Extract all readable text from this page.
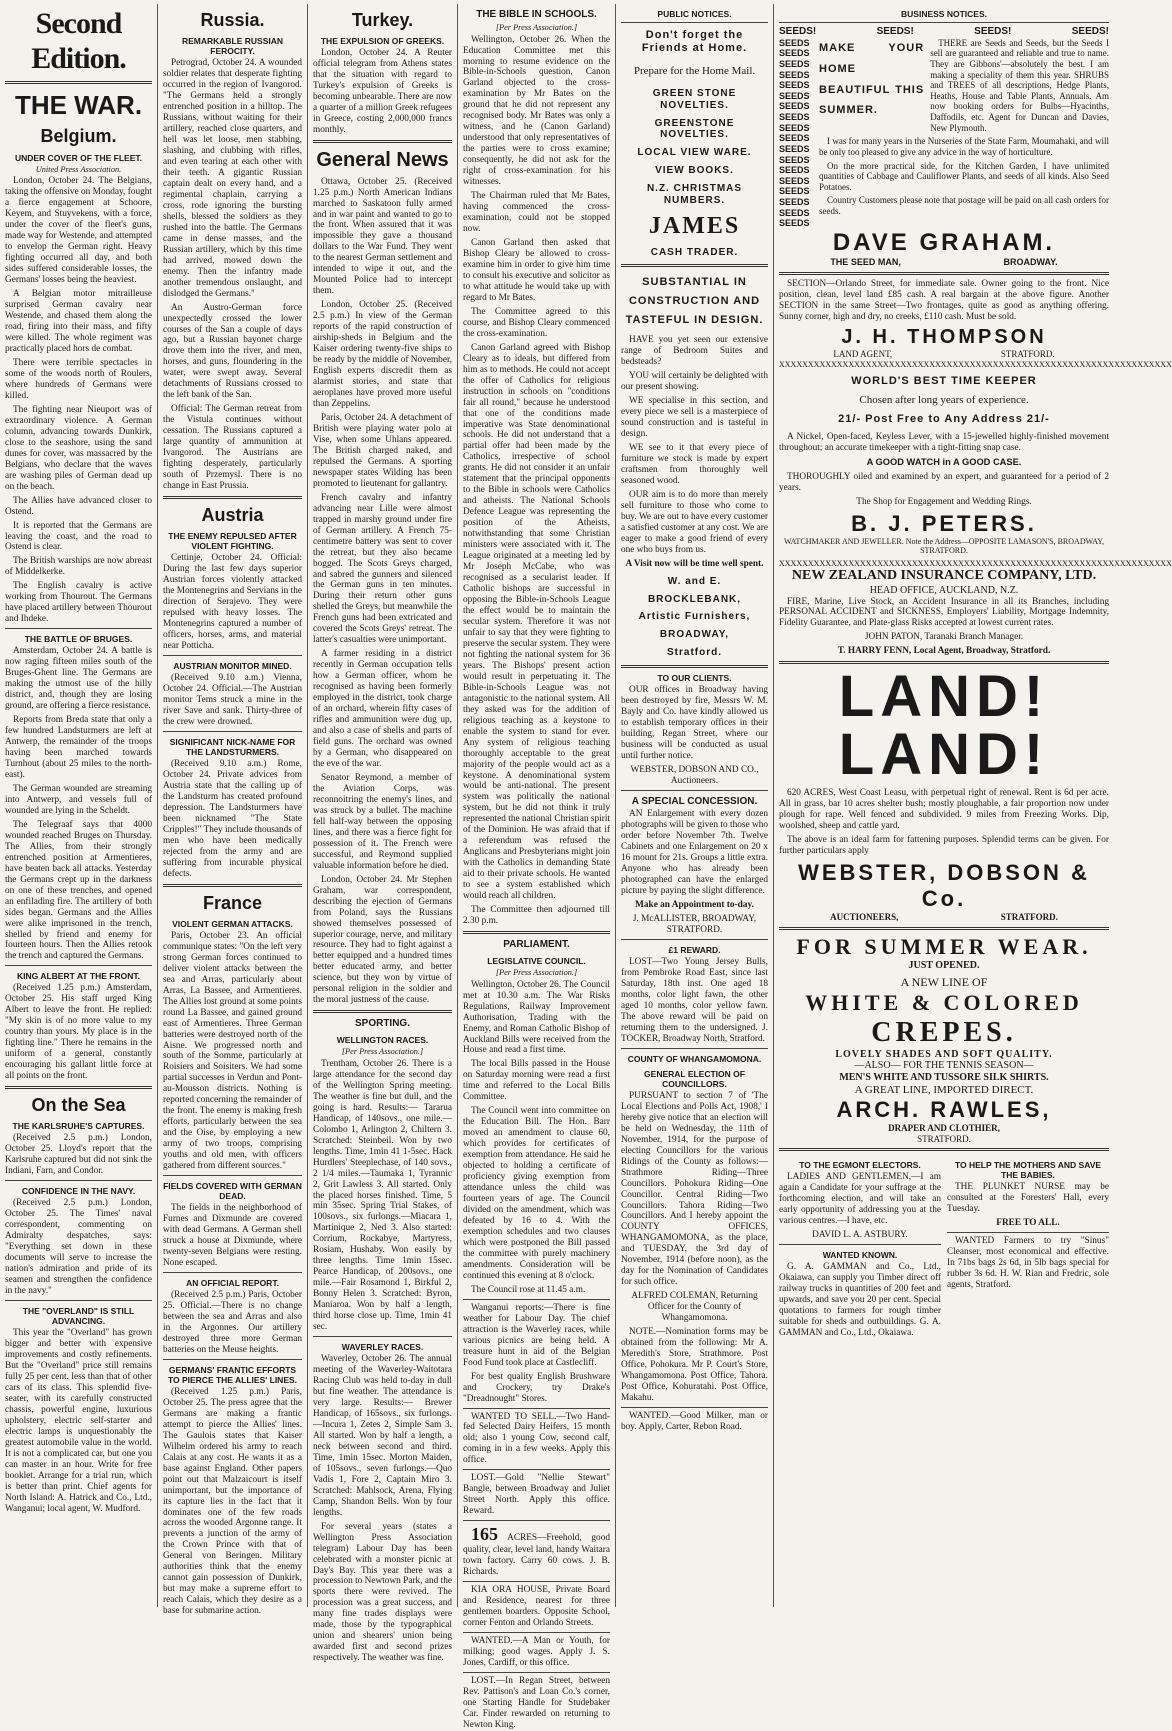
Second Edition.
THE WAR.
Belgium.
UNDER COVER OF THE FLEET.
United Press Association.

London, October 24. The Belgians, taking the offensive on Monday, fought a fierce engagement at Schoore, Keyem, and Stuyvekens, with a force, under the cover of the fleet's guns, made way for Westende, and attempted to envelop the German right. Heavy fighting occurred all day, and both sides suffered considerable losses, the Germans' losses being the heaviest.

A Belgian motor mitrailleuse surprised German cavalry near Westende, and chased them along the road, firing into their mass, and fifty were killed. The whole regiment was practically placed hors de combat.

There were terrible spectacles in some of the woods north of Roulers, where hundreds of Germans were killed.

The fighting near Nieuport was of extraordinary violence. A German column, advancing towards Dunkirk, close to the seashore, using the sand dunes for cover, was massacred by the Belgians, who declare that the waves are washing piles of German dead up on the beach.

The Allies have advanced closer to Ostend.

It is reported that the Germans are leaving the coast, and the road to Ostend is clear.

The British warships are now abreast of Middelkerke.

The English cavalry is active working from Thourout. The Germans have placed artillery between Thourout and Ihdeke.

THE BATTLE OF BRUGES.

Amsterdam, October 24. A battle is now raging fifteen miles south of the Bruges-Ghent line. The Germans are making the utmost use of the hilly district, and, though they are losing ground, are offering a fierce resistance.

Reports from Breda state that only a few hundred Landsturmers are left at Antwerp, the remainder of the troops having been marched towards Turnhout (about 25 miles to the north-east).

The German wounded are streaming into Antwerp, and vessels full of wounded are lying in the Scheldt.

The Telegraaf says that 4000 wounded reached Bruges on Thursday. The Allies, from their strongly entrenched position at Armentieres, have beaten back all attacks. Yesterday the Germans crept up in the darkness on one of these trenches, and opened an enfilading fire. The artillery of both sides began. Germans and the Allies were alike imprisoned in the trench, shelled by friend and enemy for fourteen hours. Then the Allies retook the trench and captured the Germans.

KING ALBERT AT THE FRONT.

(Received 1.25 p.m.) Amsterdam, October 25. His staff urged King Albert to leave the front. He replied: "My skin is of no more value to my country than yours. My place is in the fighting line." There he remains in the uniform of a general, constantly encouraging his gallant little force at all points on the front.

On the Sea
THE KARLSRUHE'S CAPTURES.

(Received 2.5 p.m.) London, October 25. Lloyd's report that the Karlsruhe captured but did not sink the Indiani, Farn, and Condor.

CONFIDENCE IN THE NAVY.

(Received 2.5 p.m.) London, October 25. The Times' naval correspondent, commenting on Admiralty despatches, says: "Everything set down in these documents will serve to increase the nation's admiration and pride of its seamen and strengthen the confidence in the navy."

THE "OVERLAND" IS STILL ADVANCING.

This year the "Overland" has grown bigger and better with expensive improvements and costly refinements. But the "Overland" price still remains fully 25 per cent. less than that of other cars of its class. This splendid five-seater, with its carefully constructed chassis, powerful engine, luxurious upholstery, electric self-starter and electric lamps is unquestionably the greatest automobile value in the world. It is not a complicated car, but one you can master in an hour. Write for free booklet. Arrange for a trial run, which is better than print. Chief agents for North Island: A. Hatrick and Co., Ltd., Wanganui; local agent, W. Mudford.

Russia.
REMARKABLE RUSSIAN FEROCITY.

Petrograd, October 24. A wounded soldier relates that desperate fighting occurred in the region of Ivangorod. "The Germans held a strongly entrenched position in a hilltop. The Russians, without waiting for their artillery, reached close quarters, and hell was let loose, men stabbing, slashing, and clubbing with rifles, and even tearing at each other with their teeth. A gigantic Russian captain dealt on every hand, and a regimental chaplain, carrying a cross, rode ignoring the bursting shells, blessed the soldiers as they rushed into the battle. The Germans came in dense masses, and the Russian artillery, which by this time had arrived, mowed down the enemy. Then the infantry made another tremendous onslaught, and dislodged the Germans."

An Austro-German force unexpectedly crossed the lower courses of the San a couple of days ago, but a Russian bayonet charge drove them into the river, and men, horses, and guns, floundering in the water, were swept away. Several detachments of Russians crossed to the left bank of the San.

Official: The German retreat from the Vistula continues without cessation. The Russians captured a large quantity of ammunition at Ivangorod. The Austrians are fighting desperately, particularly south of Przemysl. There is no change in East Prussia.

Austria
THE ENEMY REPULSED AFTER VIOLENT FIGHTING.

Cettinje, October 24. Official: During the last few days superior Austrian forces violently attacked the Montenegrins and Servians in the direction of Serajevo. They were repulsed with heavy losses. The Montenegrins captured a number of officers, horses, arms, and material near Potticha.

AUSTRIAN MONITOR MINED.

(Received 9.10 a.m.) Vienna, October 24. Official.—The Austrian monitor Tems struck a mine in the river Save and sank. Thirty-three of the crew were drowned.

SIGNIFICANT NICK-NAME FOR THE LANDSTURMERS.

(Received 9.10 a.m.) Rome, October 24. Private advices from Austria state that the calling up of the Landsturm has created profound depression. The Landsturmers have been nicknamed "The State Cripples!" They include thousands of men who have been medically rejected from the army and are suffering from incurable physical defects.

France
VIOLENT GERMAN ATTACKS.

Paris, October 23. An official communique states: "On the left very strong German forces continued to deliver violent attacks between the sea and Arras, particularly about Arras, La Bassee, and Armentieres. The Allies lost ground at some points round La Bassee, and gained ground east of Armentieres. Three German batteries were destroyed north of the Aisne. We progressed north and south of the Somme, particularly at Roisiers and Soisiters. We had some partial successes in Verdun and Pont-au-Mousson districts. Nothing is reported concerning the remainder of the front. The enemy is making fresh efforts, particularly between the sea and the Oise, by employing a new army of two troops, comprising youths and old men, with officers gathered from different sources."

FIELDS COVERED WITH GERMAN DEAD.

The fields in the neighborhood of Furnes and Dixmunde are covered with dead Germans. A German shell struck a house at Dixmunde, where twenty-seven Belgians were resting. None escaped.

AN OFFICIAL REPORT.

(Received 2.5 p.m.) Paris, October 25. Official.—There is no change between the sea and Arras and also in the Argonnes. Our artillery destroyed three more German batteries on the Meuse heights.

GERMANS' FRANTIC EFFORTS TO PIERCE THE ALLIES' LINES.

(Received 1.25 p.m.) Paris, October 25. The press agree that the Germans are making a frantic attempt to pierce the Allies' lines. The Gaulois states that Kaiser Wilhelm ordered his army to reach Calais at any cost. He wants it as a base against England. Other papers point out that Malzaicourt is itself unimportant, but the importance of its capture lies in the fact that it dominates one of the few roads across the wooded Argonne range. It prevents a junction of the army of the Crown Prince with that of General von Beringen. Military authorities think that the enemy cannot gain possession of Dunkirk, but may make a supreme effort to reach Calais, which they desire as a base for submarine action.

Turkey.
THE EXPULSION OF GREEKS.

London, October 24. A Reuter official telegram from Athens states that the situation with regard to Turkey's expulsion of Greeks is becoming unbearable. There are now a quarter of a million Greek refugees in Greece, costing 2,000,000 francs monthly.

General News

Ottawa, October 25. (Received 1.25 p.m.) North American Indians marched to Saskatoon fully armed and in war paint and wanted to go to the front. When assured that it was impossible they gave a thousand dollars to the War Fund. They went to the nearest German settlement and intended to wipe it out, and the Mounted Police had to intercept them.

London, October 25. (Received 2.5 p.m.) In view of the German reports of the rapid construction of airship-sheds in Belgium and the Kaiser ordering twenty-five ships to be ready by the middle of November, English experts discredit them as alarmist stories, and state that aeroplanes have proved more useful than Zeppelins.

Paris, October 24. A detachment of British were playing water polo at Vise, when some Uhlans appeared. The British charged naked, and repulsed the Germans. A sporting newspaper states Wilding has been promoted to lieutenant for gallantry.

French cavalry and infantry advancing near Lille were almost trapped in marshy ground under fire of German artillery. A French 75-centimetre battery was sent to cover the retreat, but they also became bogged. The Scots Greys charged, and sabred the gunners and silenced the German guns in ten minutes. During their return other guns shelled the Greys, but meanwhile the French guns had been extricated and covered the Scots Greys' retreat. The latter's casualties were unimportant.

A farmer residing in a district recently in German occupation tells how a German officer, whom he recognised as having been formerly employed in the district, took charge of an orchard, wherein fifty cases of rifles and ammunition were dug up, and also a case of shells and parts of field guns. The orchard was owned by a German, who disappeared on the eve of the war.

Senator Reymond, a member of the Aviation Corps, was reconnoitring the enemy's lines, and was struck by a bullet. The machine fell half-way between the opposing lines, and there was a fierce fight for possession of it. The French were successful, and Reymond supplied valuable information before he died.

London, October 24. Mr Stephen Graham, war correspondent, describing the ejection of Germans from Poland, says the Russians showed themselves possessed of superior courage, nerve, and military resource. They had to fight against a better equipped and a hundred times better educated army, and better science, but they won by virtue of personal religion in the soldier and the moral justness of the cause.

SPORTING.
WELLINGTON RACES.
[Per Press Association.]

Trentham, October 26. There is a large attendance for the second day of the Wellington Spring meeting. The weather is fine but dull, and the going is hard. Results:— Tararua Handicap, of 140sovs., one mile.—Colombo 1, Arlington 2, Chiltern 3. Scratched: Steinbeil. Won by two lengths. Time, 1min 41 1-5sec. Hack Hurdlers' Steeplechase, of 140 sovs., 2 1/4 miles.—Taumaka 1, Tyrannic 2, Grit Lawless 3. All started. Only the placed horses finished. Time, 5 min 35sec. Spring Trial Stakes, of 100sovs., six furlongs.—Miacara 1, Martinique 2, Ned 3. Also started: Corrium, Rockabye, Martyress, Rosiam, Hushaby. Won easily by three lengths. Time 1min 15sec. Pearce Handicap, of 200sovs., one mile.—Fair Rosamond 1, Birkful 2, Bonny Helen 3. Scratched: Byron, Maniaroa. Won by half a length, third horse close up. Time, 1min 41 sec.

WAVERLEY RACES.

Waverley, October 26. The annual meeting of the Waverley-Waitotara Racing Club was held to-day in dull but fine weather. The attendance is very large. Results:— Brewer Handicap, of 165sovs., six furlongs.—Incura 1, Zetes 2, Simple Sam 3. All started. Won by half a length, a neck between second and third. Time, 1min 15sec. Morton Maiden, of 105sovs., seven furlongs.—Quo Vadis 1, Fore 2, Captain Miro 3. Scratched: Mahlsock, Arena, Flying Camp, Shandon Bells. Won by four lengths.

For several years (states a Wellington Press Association telegram) Labour Day has been celebrated with a monster picnic at Day's Bay. This year there was a procession to Newtown Park, and the sports there were revived. The procession was a great success, and many fine trades displays were made, those by the typographical union and shearers' union being awarded first and second prizes respectively. The weather was fine.

THE BIBLE IN SCHOOLS.
[Per Press Association.]

Wellington, October 26. When the Education Committee met this morning to resume evidence on the Bible-in-Schools question, Canon Garland objected to the cross-examination by Mr Bates on the ground that he did not represent any recognised body. Mr Bates was only a witness, and he (Canon Garland) understood that only representatives of the parties were to cross examine; consequently, he did not ask for the right of cross-examination for his witnesses.

The Chairman ruled that Mr Bates, having commenced the cross-examination, could not be stopped now.

Canon Garland then asked that Bishop Cleary be allowed to cross-examine him in order to give him time to consult his executive and solicitor as to what attitude he would take up with regard to Mr Bates.

The Committee agreed to this course, and Bishop Cleary commenced the cross-examination.

Canon Garland agreed with Bishop Cleary as to ideals, but differed from him as to methods. He could not accept the offer of Catholics for religious instruction in schools on "conditions fair all round," because he understood that one of the conditions made imperative was State denominational schools. He did not understand that a partial offer had been made by the Catholics, irrespective of school grants. He did not consider it an unfair statement that the principal opponents to the Bible in schools were Catholics and atheists. The National Schools Defence League was representing the position of the Atheists, notwithstanding that some Christian ministers were associated with it. The League originated at a meeting led by Mr Joseph McCabe, who was recognised as a secularist leader. If Catholic bishops are successful in opposing the Bible-in-Schools League the effect would be to maintain the secular system. Therefore it was not unfair to say that they were fighting to preserve the secular system. They were not fighting the national system for 36 years. The Bishops' present action would result in perpetuating it. The Bible-in-Schools League was not antagonistic to the national system. All they asked was for the addition of religious teaching as a keystone to enable the system to stand for ever. Any system of religious teaching thoroughly acceptable to the great majority of the people would act as a keystone. A denominational system would be anti-national. The present system was politically the national system, but he did not think it truly represented the national Christian spirit of the Dominion. He was afraid that if a referendum was refused the Anglicans and Presbyterians might join with the Catholics in demanding State aid to their private schools. He wanted to see a system established which would reach all children.

The Committee then adjourned till 2.30 p.m.

PARLIAMENT.
LEGISLATIVE COUNCIL.
[Per Press Association.]

Wellington, October 26. The Council met at 10.30 a.m. The War Risks Regulations, Railway Improvement Authorisation, Trading with the Enemy, and Roman Catholic Bishop of Auckland Bills were received from the House and read a first time.

The local Bills passed in the House on Saturday morning were read a first time and referred to the Local Bills Committee.

The Council went into committee on the Education Bill. The Hon. Barr moved an amendment to clause 60, which provides for certificates of exemption from attendance. He said he objected to holding a certificate of proficiency giving exemption from attendance unless the child was fourteen years of age. The Council divided on the amendment, which was defeated by 16 to 4. With the exemption schedules and two clauses which were postponed the Bill passed the committee with purely machinery amendments. Consideration will be continued this evening at 8 o'clock.

The Council rose at 11.45 a.m.

Wanganui reports:—There is fine weather for Labour Day. The chief attraction is the Waverley races, while various picnics are being held. A treasure hunt in aid of the Belgian Food Fund took place at Castlecliff.

For best quality English Brushware and Crockery, try Drake's "Dreadnought" Stores.

WANTED TO SELL.—Two Hand-fed Selected Dairy Heifers, 15 month old; also 1 young Cow, second calf, coming in in a few weeks. Apply this office.

LOST.—Gold "Nellie Stewart" Bangle, between Broadway and Juliet Street North. Apply this office. Reward.

165 ACRES—Freehold, good quality, clear, level land, handy Waitara town factory. Carry 60 cows. J. B. Richards.

KIA ORA HOUSE, Private Board and Residence, nearest for three gentlemen boarders. Opposite School, corner Fenton and Orlando Streets.

WANTED.—A Man or Youth, for milking; good wages. Apply J. S. Jones, Cardiff, or this office.

LOST.—In Regan Street, between Rev. Pattison's and Loan Co.'s corner, one Starting Handle for Studebaker Car. Finder rewarded on returning to Newton King.

PUBLIC NOTICES.
Don't forget the Friends at Home.
Prepare for the Home Mail.
GREEN STONE NOVELTIES.
GREENSTONE NOVELTIES.
LOCAL VIEW WARE.
VIEW BOOKS.
N.Z. CHRISTMAS NUMBERS.
JAMES
CASH TRADER.
SUBSTANTIAL IN CONSTRUCTION AND TASTEFUL IN DESIGN.

HAVE you yet seen our extensive range of Bedroom Suites and bedsteads?

YOU will certainly be delighted with our present showing.

WE specialise in this section, and every piece we sell is a masterpiece of sound construction and is tasteful in design.

WE see to it that every piece of furniture we stock is made by expert craftsmen from thoroughly well seasoned wood.

OUR aim is to do more than merely sell furniture to those who come to buy. We are out to have every customer a satisfied customer at any cost. We are eager to make a good friend of every one who buys from us.

A Visit now will be time well spent.

W. and E.
BROCKLEBANK,
Artistic Furnishers,
BROADWAY,
Stratford.
TO OUR CLIENTS.

OUR offices in Broadway having been destroyed by fire, Messrs W. M. Bayly and Co. have kindly allowed us to establish temporary offices in their building, Regan Street, where our business will be conducted as usual until further notice.

WEBSTER, DOBSON AND CO., Auctioneers.

A SPECIAL CONCESSION.

AN Enlargement with every dozen photographs will be given to those who order before November 7th. Twelve Cabinets and one Enlargement on 20 x 16 mount for 21s. Groups a little extra. Anyone who has already been photographed can have the enlarged picture by paying the slight difference.

Make an Appointment to-day.

J. McALLISTER, BROADWAY, STRATFORD.

£1 REWARD.

LOST—Two Young Jersey Bulls, from Pembroke Road East, since last Saturday, 18th inst. One aged 18 months, color light fawn, the other aged 10 months, color yellow fawn. The above reward will be paid on returning them to the undersigned. J. TOCKER, Broadway North, Stratford.

COUNTY OF WHANGAMOMONA.
GENERAL ELECTION OF COUNCILLORS.

PURSUANT to section 7 of 'The Local Elections and Polls Act, 1908,' I hereby give notice that an election will be held on Wednesday, the 11th of November, 1914, for the purpose of electing Councillors for the various Ridings of the County as follows:— Strathmore Riding—Three Councillors. Pohokura Riding—One Councillor. Central Riding—Two Councillors. Tahora Riding—Two Councillors. And I hereby appoint the COUNTY OFFICES, WHANGAMOMONA, as the place, and TUESDAY, the 3rd day of November, 1914 (before noon), as the day for the Nomination of Candidates for such office.

ALFRED COLEMAN, Returning Officer for the County of Whangamomona.

NOTE.—Nomination forms may be obtained from the following: Mr A. Meredith's Store, Strathmore. Post Office, Pohokura. Mr P. Court's Store, Whangamomona. Post Office, Tahora. Post Office, Kohuratahi. Post Office, Makahu.

WANTED.—Good Milker, man or boy. Apply, Carter, Rebon Road.

BUSINESS NOTICES.
SEEDS!	SEEDS!	SEEDS!	SEEDS!
SEEDS
SEEDS
SEEDS
SEEDS
SEEDS
SEEDS
SEEDS
SEEDS
SEEDS
SEEDS
SEEDS
SEEDS
SEEDS
SEEDS
SEEDS
SEEDS
SEEDS
SEEDS
MAKE YOUR HOME BEAUTIFUL THIS SUMMER.

THERE are Seeds and Seeds, but the Seeds I sell are guaranteed and reliable and true to name. They are Gibbons'—absolutely the best. I am making a speciality of them this year. SHRUBS and TREES of all descriptions, Hedge Plants, Heaths, House and Table Plants, Annuals. Am now booking orders for Bulbs—Hyacinths, Daffodils, etc. Agent for Duncan and Davies, New Plymouth.

I was for many years in the Nurseries of the State Farm, Moumahaki, and will be only too pleased to give any advice in the way of horticulture.

On the more practical side, for the Kitchen Garden, I have unlimited quantities of Cabbage and Cauliflower Plants, and seeds of all kinds. Also Seed Potatoes.

Country Customers please note that postage will be paid on all cash orders for seeds.

DAVE GRAHAM.
THE SEED MAN,	BROADWAY.

SECTION—Orlando Street, for immediate sale. Owner going to the front. Nice position, clean, level land £85 cash. A real bargain at the above figure. Another SECTION in the same Street—Two frontages, quite as good as anything offering. Sunny corner, high and dry, no creeks, £110 cash. Must be sold.

J. H. THOMPSON
LAND AGENT,	STRATFORD.
XXXXXXXXXXXXXXXXXXXXXXXXXXXXXXXXXXXXXXXXXXXXXXXXXXXXXXXXXXXXXXXXXXXX
WORLD'S BEST TIME KEEPER
Chosen after long years of experience.
21/- Post Free to Any Address 21/-

A Nickel, Open-faced, Keyless Lever, with a 15-jewelled highly-finished movement throughout; an accurate timekeeper with a tight-fitting snap case.

A GOOD WATCH in A GOOD CASE.

THOROUGHLY oiled and examined by an expert, and guaranteed for a period of 2 years.

The Shop for Engagement and Wedding Rings.

B. J. PETERS.

WATCHMAKER AND JEWELLER. Note the Address—OPPOSITE LAMASON'S, BROADWAY, STRATFORD.

XXXXXXXXXXXXXXXXXXXXXXXXXXXXXXXXXXXXXXXXXXXXXXXXXXXXXXXXXXXXXXXXXXXX
NEW ZEALAND INSURANCE COMPANY, LTD.
HEAD OFFICE, AUCKLAND, N.Z.

FIRE, Marine, Live Stock, an Accident Insurance in all its Branches, including PERSONAL ACCIDENT and SICKNESS, Employers' Liability, Mortgage Indemnity, Fidelity Guarantee, and Plate-glass Risks accepted at lowest current rates.

JOHN PATON, Taranaki Branch Manager.

T. HARRY FENN, Local Agent, Broadway, Stratford.

LAND! LAND!

620 ACRES, West Coast Leasu, with perpetual right of renewal. Rent is 6d per acre. All in grass, bar 10 acres shelter bush; mostly ploughable, a fair proportion now under plough for rape. Well fenced and subdivided. 9 miles from Freezing Works. Dip, woolshed, sheep and cattle yard.

The above is an ideal farm for fattening purposes. Splendid terms can be given. For further particulars apply

WEBSTER, DOBSON & Co.
AUCTIONEERS,	STRATFORD.
FOR SUMMER WEAR.
JUST OPENED.
A NEW LINE OF
WHITE & COLORED
CREPES.
LOVELY SHADES AND SOFT QUALITY.
—ALSO— FOR THE TENNIS SEASON—
MEN'S WHITE AND TUSSORE SILK SHIRTS.
A GREAT LINE, IMPORTED DIRECT.
ARCH. RAWLES,
DRAPER AND CLOTHIER,
STRATFORD.
TO THE EGMONT ELECTORS.

LADIES AND GENTLEMEN,—I am again a Candidate for your suffrage at the forthcoming election, and will take an early opportunity of addressing you at the various centres.—I have, etc.

DAVID L. A. ASTBURY.

WANTED KNOWN.

G. A. GAMMAN and Co., Ltd., Okaiawa, can supply you Timber direct off railway trucks in quantities of 200 feet and upwards, and save you 20 per cent. Special quotations to farmers for rough timber suitable for sheds and outbuildings. G. A. GAMMAN and Co., Ltd., Okaiawa.

TO HELP THE MOTHERS AND SAVE THE BABIES.

THE PLUNKET NURSE may be consulted at the Foresters' Hall, every Tuesday.

FREE TO ALL.

WANTED Farmers to try "Sinus" Cleanser, most economical and effective. In 71bs bags 2s 6d, in 5lb bags special for rubber 3s 6d. H. W. Rian and Fredric, sole agents, Stratford.
